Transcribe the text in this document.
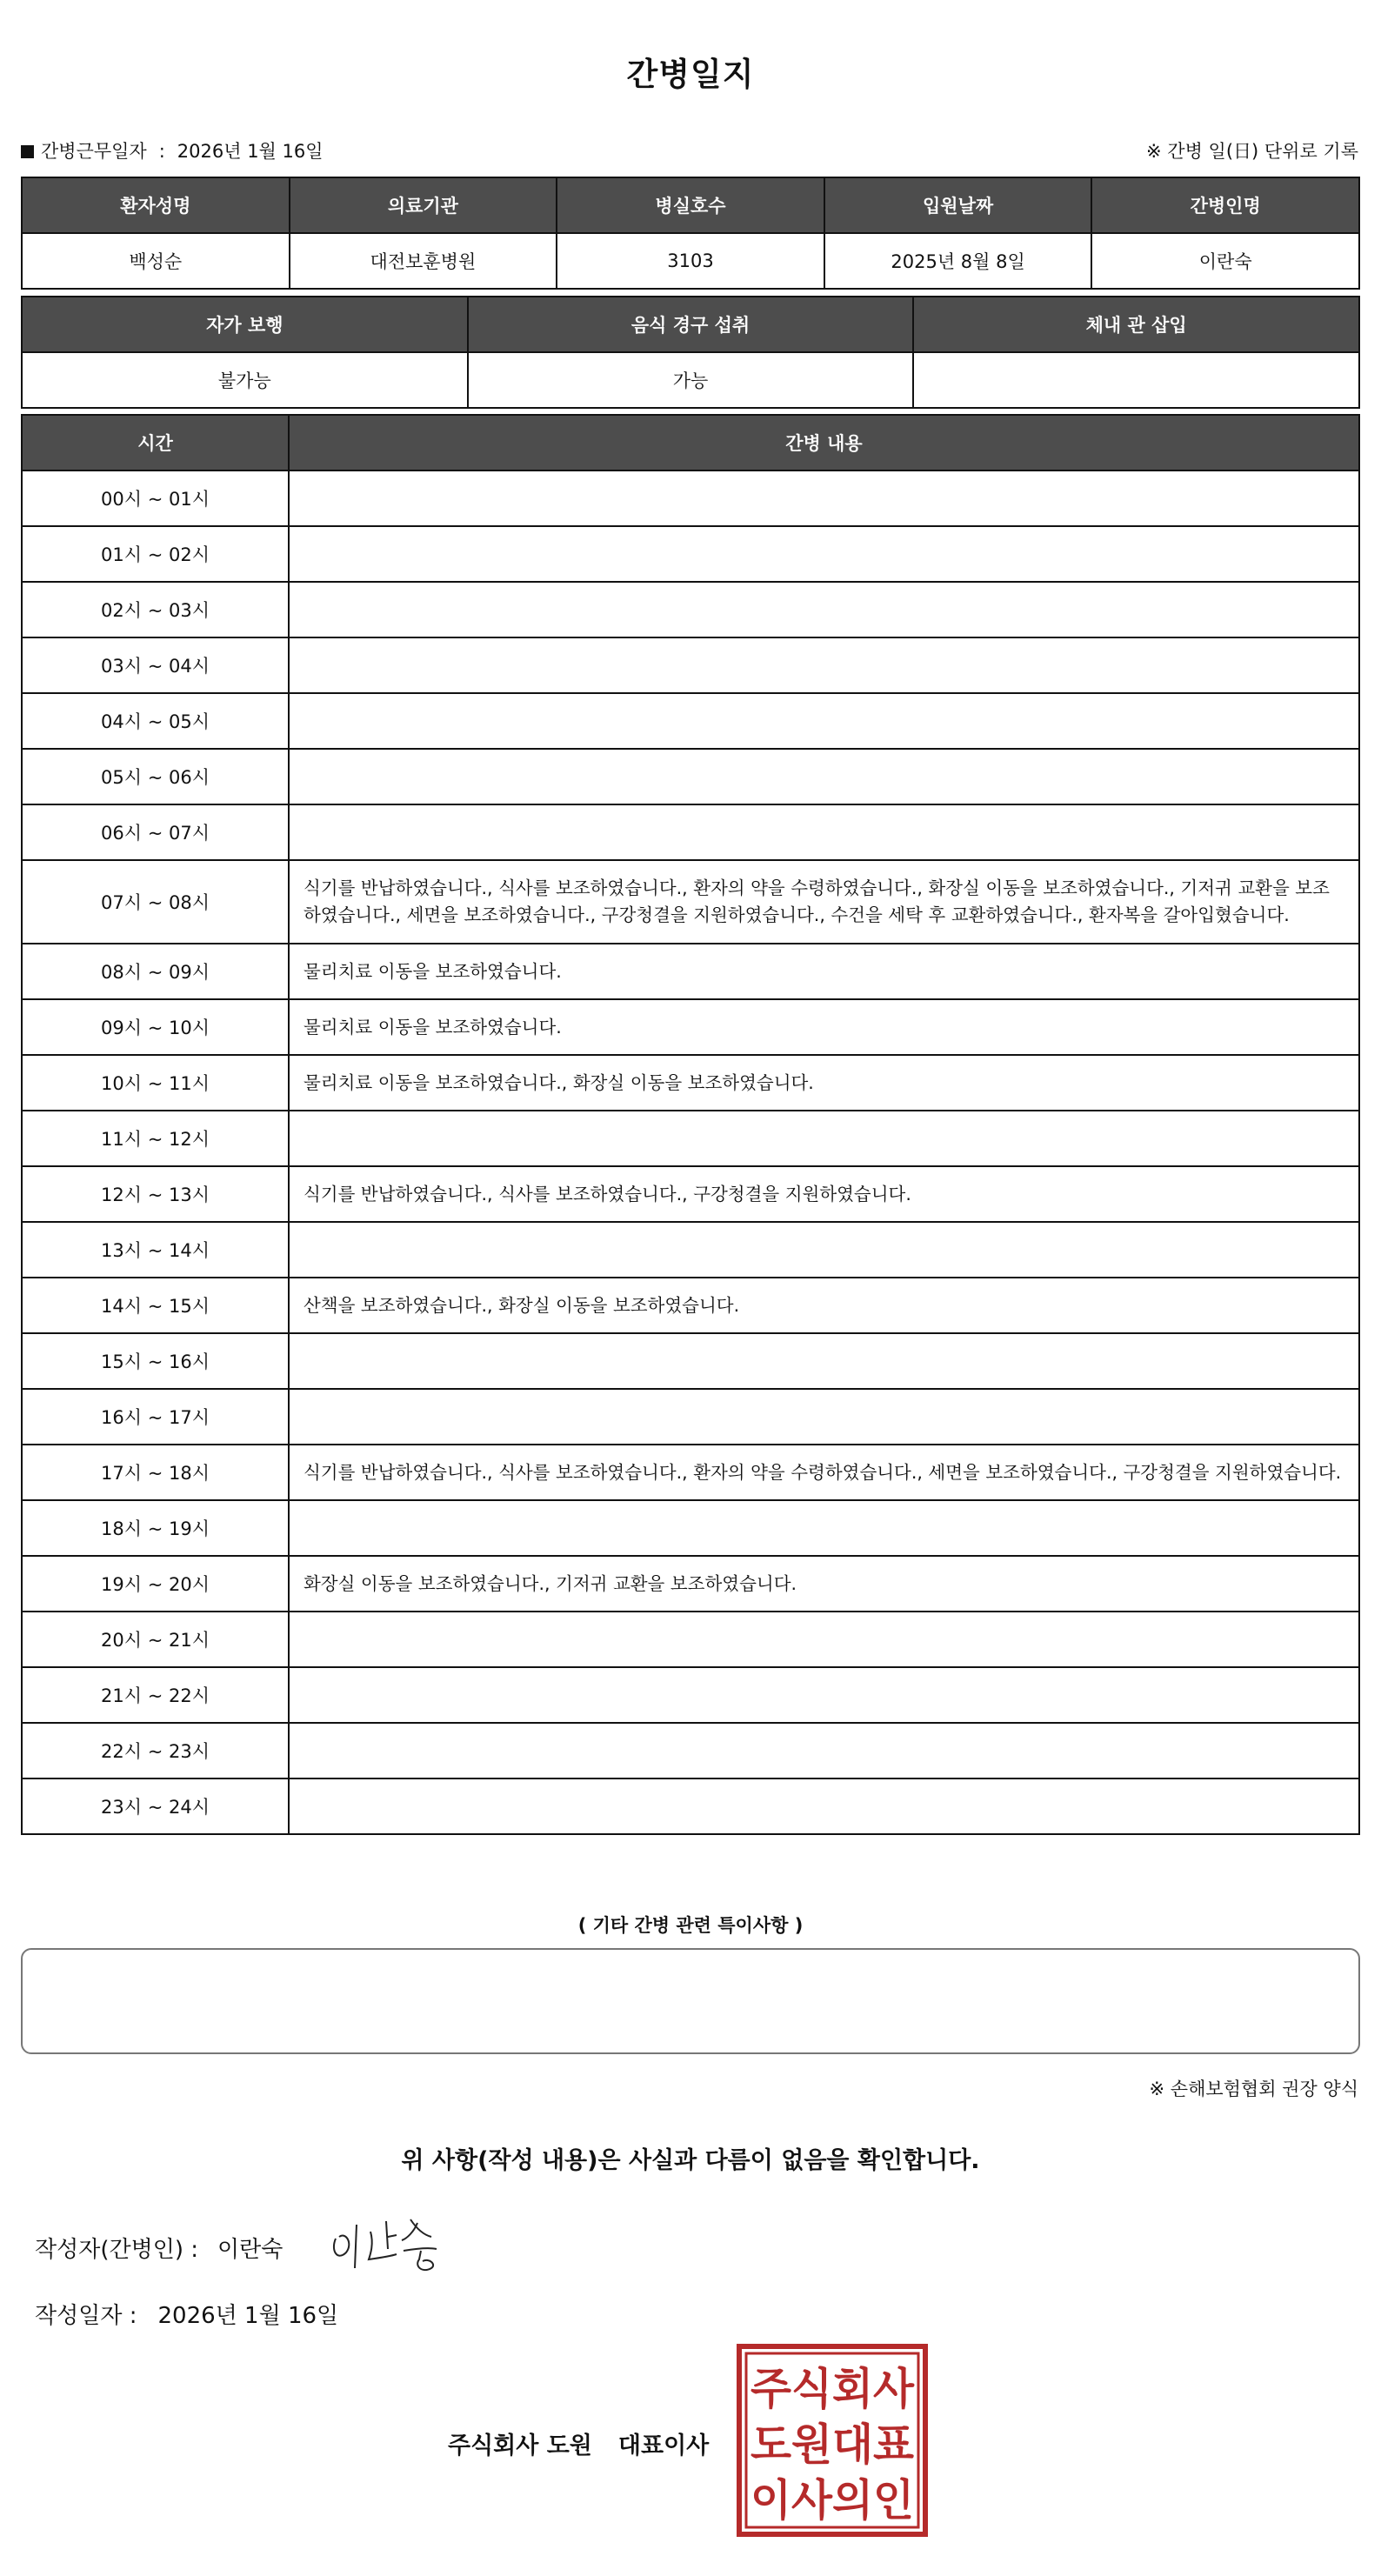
간병일지
간병근무일자 : 2026년 1월 16일	※ 간병 일(日) 단위로 기록
환자성명	의료기관	병실호수	입원날짜	간병인명
백성순	대전보훈병원	3103	2025년 8월 8일	이란숙
자가 보행	음식 경구 섭취	체내 관 삽입
불가능	가능	
시간	간병 내용
00시 ~ 01시	
01시 ~ 02시	
02시 ~ 03시	
03시 ~ 04시	
04시 ~ 05시	
05시 ~ 06시	
06시 ~ 07시	
07시 ~ 08시	식기를 반납하였습니다., 식사를 보조하였습니다., 환자의 약을 수령하였습니다., 화장실 이동을 보조하였습니다., 기저귀 교환을 보조하였습니다., 세면을 보조하였습니다., 구강청결을 지원하였습니다., 수건을 세탁 후 교환하였습니다., 환자복을 갈아입혔습니다.
08시 ~ 09시	물리치료 이동을 보조하였습니다.
09시 ~ 10시	물리치료 이동을 보조하였습니다.
10시 ~ 11시	물리치료 이동을 보조하였습니다., 화장실 이동을 보조하였습니다.
11시 ~ 12시	
12시 ~ 13시	식기를 반납하였습니다., 식사를 보조하였습니다., 구강청결을 지원하였습니다.
13시 ~ 14시	
14시 ~ 15시	산책을 보조하였습니다., 화장실 이동을 보조하였습니다.
15시 ~ 16시	
16시 ~ 17시	
17시 ~ 18시	식기를 반납하였습니다., 식사를 보조하였습니다., 환자의 약을 수령하였습니다., 세면을 보조하였습니다., 구강청결을 지원하였습니다.
18시 ~ 19시	
19시 ~ 20시	화장실 이동을 보조하였습니다., 기저귀 교환을 보조하였습니다.
20시 ~ 21시	
21시 ~ 22시	
22시 ~ 23시	
23시 ~ 24시	
( 기타 간병 관련 특이사항 )
※ 손해보험협회 권장 양식
위 사항(작성 내용)은 사실과 다름이 없음을 확인합니다.
작성자(간병인) : 이란숙
작성일자 : 2026년 1월 16일
주식회사 도원 대표이사
주식회사
도원대표
이사의인
